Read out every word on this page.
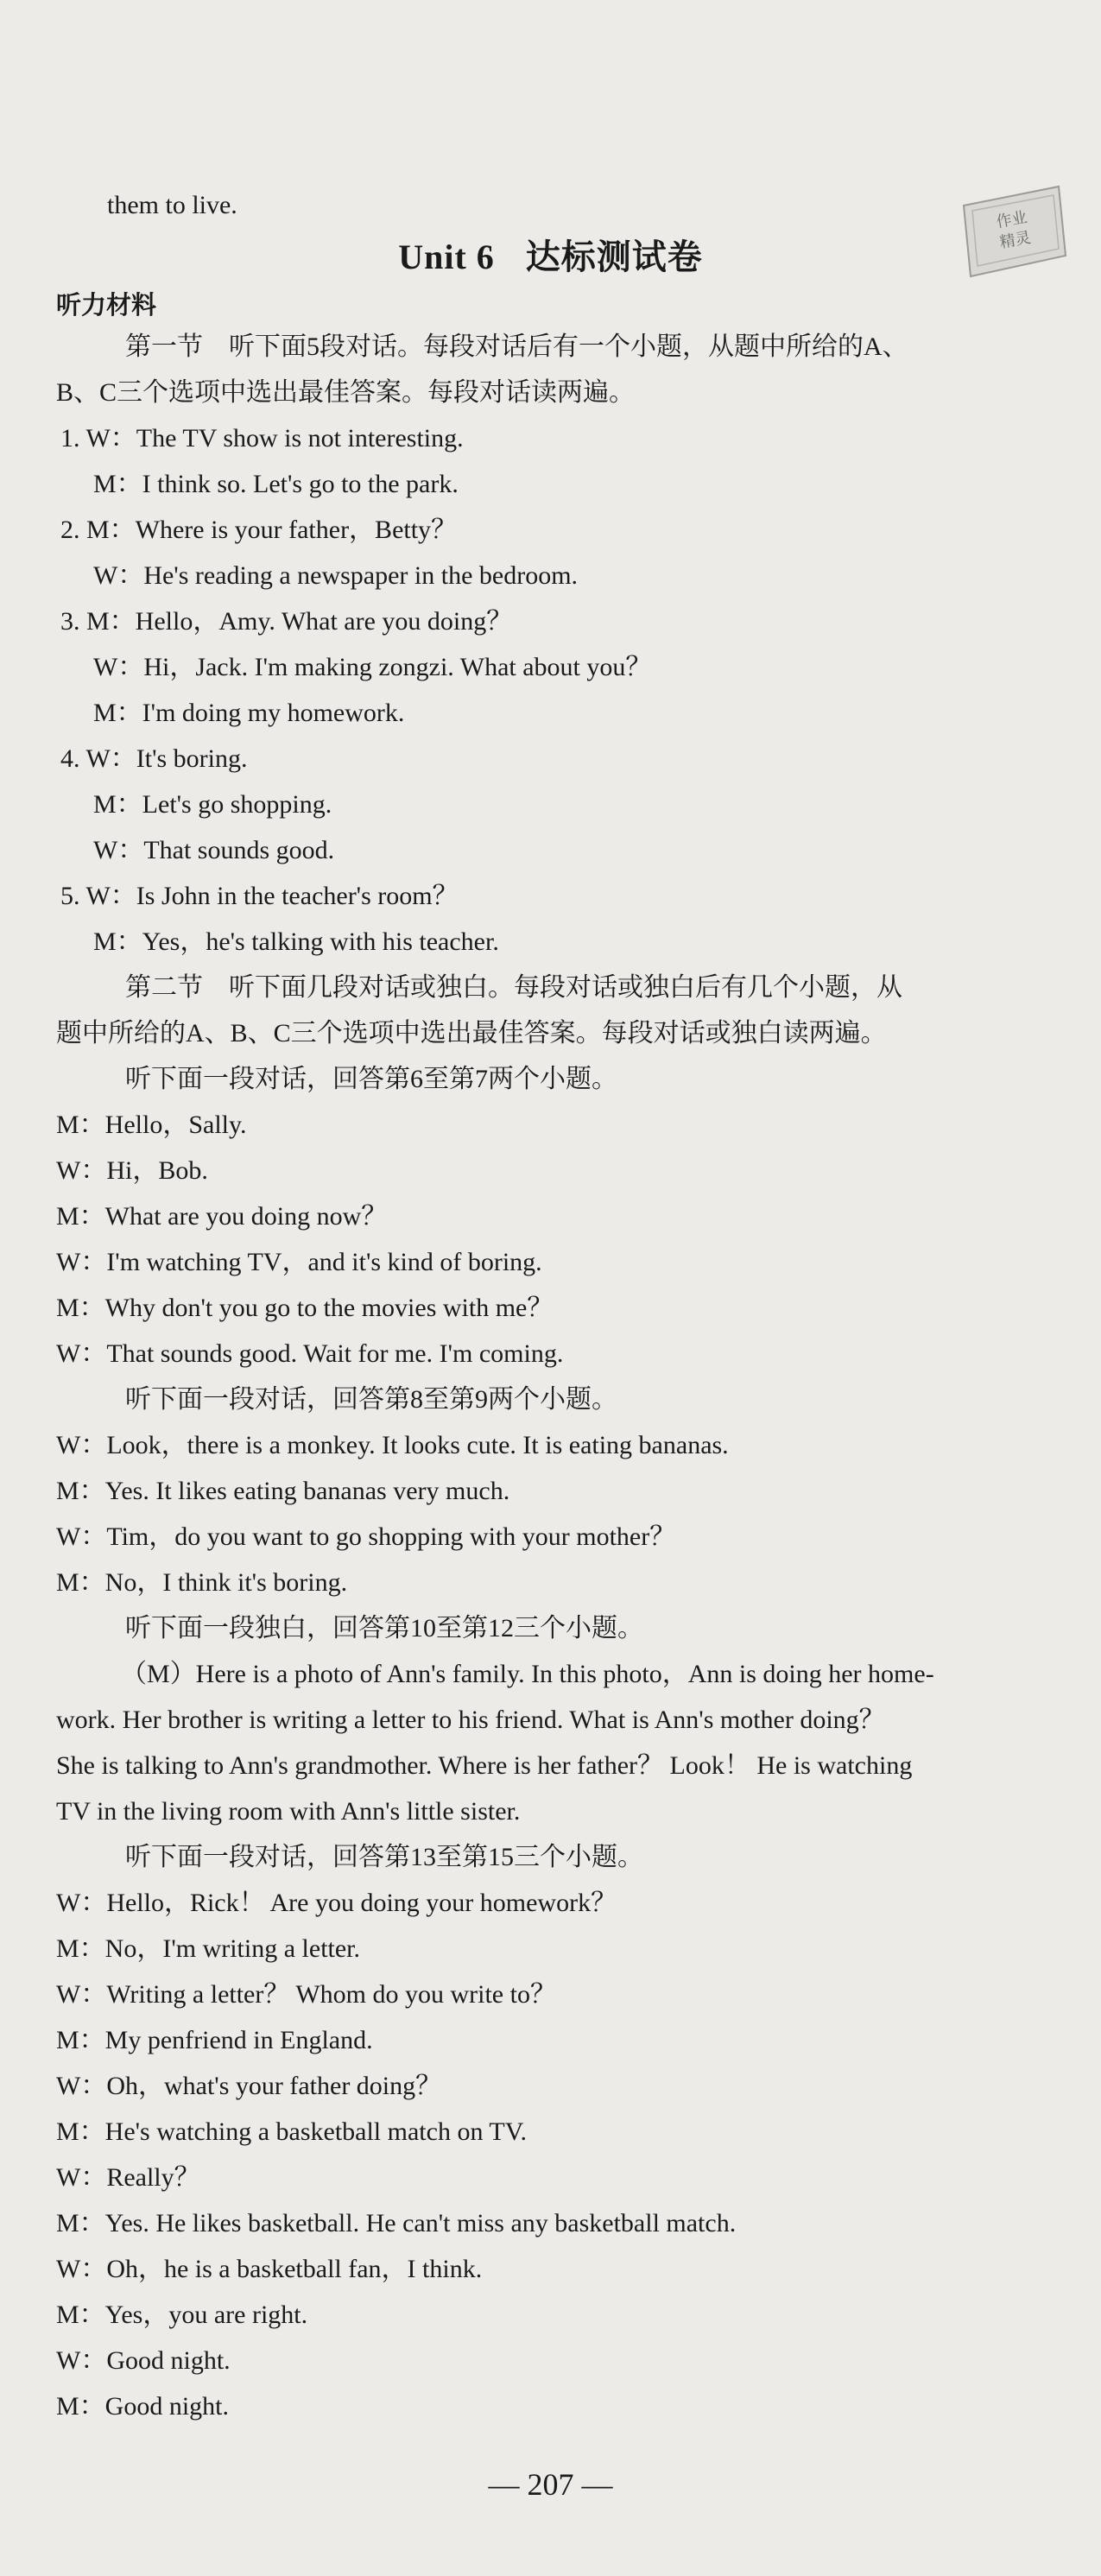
them to live.
作业
精灵
Unit 6 达标测试卷
听力材料
第一节　听下面5段对话。每段对话后有一个小题，从题中所给的A、
B、C三个选项中选出最佳答案。每段对话读两遍。
1. W：The TV show is not interesting.
M：I think so. Let's go to the park.
2. M：Where is your father，Betty？
W：He's reading a newspaper in the bedroom.
3. M：Hello，Amy. What are you doing？
W：Hi，Jack. I'm making zongzi. What about you？
M：I'm doing my homework.
4. W：It's boring.
M：Let's go shopping.
W：That sounds good.
5. W：Is John in the teacher's room？
M：Yes，he's talking with his teacher.
第二节　听下面几段对话或独白。每段对话或独白后有几个小题，从
题中所给的A、B、C三个选项中选出最佳答案。每段对话或独白读两遍。
听下面一段对话，回答第6至第7两个小题。
M：Hello，Sally.
W：Hi，Bob.
M：What are you doing now？
W：I'm watching TV，and it's kind of boring.
M：Why don't you go to the movies with me？
W：That sounds good. Wait for me. I'm coming.
听下面一段对话，回答第8至第9两个小题。
W：Look，there is a monkey. It looks cute. It is eating bananas.
M：Yes. It likes eating bananas very much.
W：Tim，do you want to go shopping with your mother？
M：No，I think it's boring.
听下面一段独白，回答第10至第12三个小题。
（M）Here is a photo of Ann's family. In this photo，Ann is doing her home-
work. Her brother is writing a letter to his friend. What is Ann's mother doing？
She is talking to Ann's grandmother. Where is her father？ Look！ He is watching
TV in the living room with Ann's little sister.
听下面一段对话，回答第13至第15三个小题。
W：Hello，Rick！ Are you doing your homework？
M：No，I'm writing a letter.
W：Writing a letter？ Whom do you write to？
M：My penfriend in England.
W：Oh，what's your father doing？
M：He's watching a basketball match on TV.
W：Really？
M：Yes. He likes basketball. He can't miss any basketball match.
W：Oh，he is a basketball fan，I think.
M：Yes，you are right.
W：Good night.
M：Good night.
— 207 —
